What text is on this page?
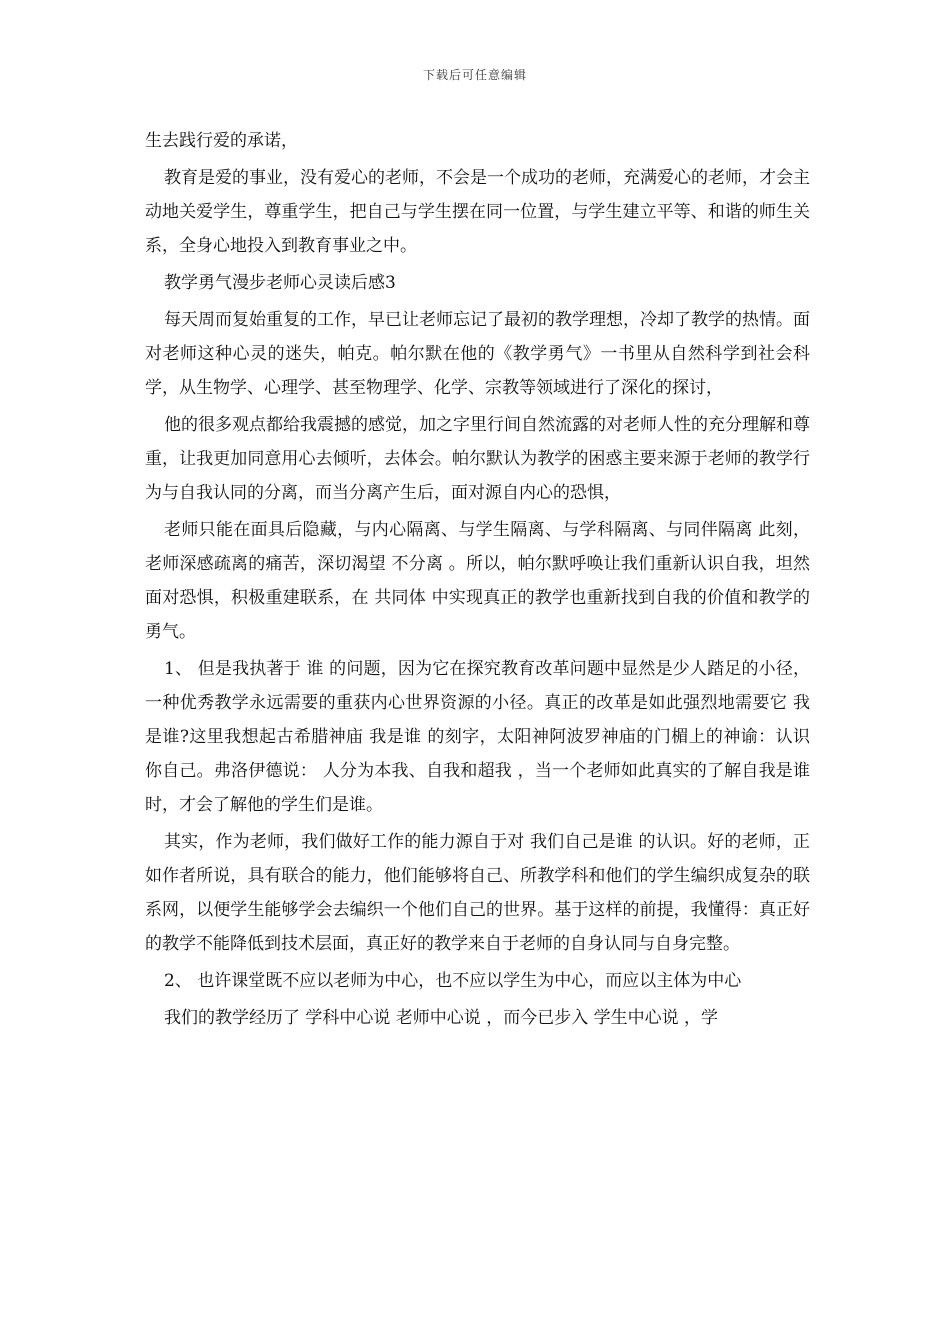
下载后可任意编辑

生去践行爱的承诺，

教育是爱的事业，没有爱心的老师，不会是一个成功的老师，充满爱心的老师，才会主动地关爱学生，尊重学生，把自己与学生摆在同一位置，与学生建立平等、和谐的师生关系，全身心地投入到教育事业之中。

教学勇气漫步老师心灵读后感3

每天周而复始重复的工作，早已让老师忘记了最初的教学理想，冷却了教学的热情。面对老师这种心灵的迷失，帕克。帕尔默在他的《教学勇气》一书里从自然科学到社会科学，从生物学、心理学、甚至物理学、化学、宗教等领域进行了深化的探讨，

他的很多观点都给我震撼的感觉，加之字里行间自然流露的对老师人性的充分理解和尊重，让我更加同意用心去倾听，去体会。帕尔默认为教学的困惑主要来源于老师的教学行为与自我认同的分离，而当分离产生后，面对源自内心的恐惧，

老师只能在面具后隐藏，与内心隔离、与学生隔离、与学科隔离、与同伴隔离 此刻，老师深感疏离的痛苦，深切渴望 不分离 。所以，帕尔默呼唤让我们重新认识自我，坦然面对恐惧，积极重建联系，在 共同体 中实现真正的教学也重新找到自我的价值和教学的勇气。

1、 但是我执著于 谁 的问题，因为它在探究教育改革问题中显然是少人踏足的小径，一种优秀教学永远需要的重获内心世界资源的小径。真正的改革是如此强烈地需要它 我是谁?这里我想起古希腊神庙 我是谁 的刻字，太阳神阿波罗神庙的门楣上的神谕：认识你自己。弗洛伊德说： 人分为本我、自我和超我 ，当一个老师如此真实的了解自我是谁时，才会了解他的学生们是谁。

其实，作为老师，我们做好工作的能力源自于对 我们自己是谁 的认识。好的老师，正如作者所说，具有联合的能力，他们能够将自己、所教学科和他们的学生编织成复杂的联系网，以便学生能够学会去编织一个他们自己的世界。基于这样的前提，我懂得：真正好的教学不能降低到技术层面，真正好的教学来自于老师的自身认同与自身完整。

2、 也许课堂既不应以老师为中心，也不应以学生为中心，而应以主体为中心

我们的教学经历了 学科中心说 老师中心说 ，而今已步入 学生中心说 ，学
